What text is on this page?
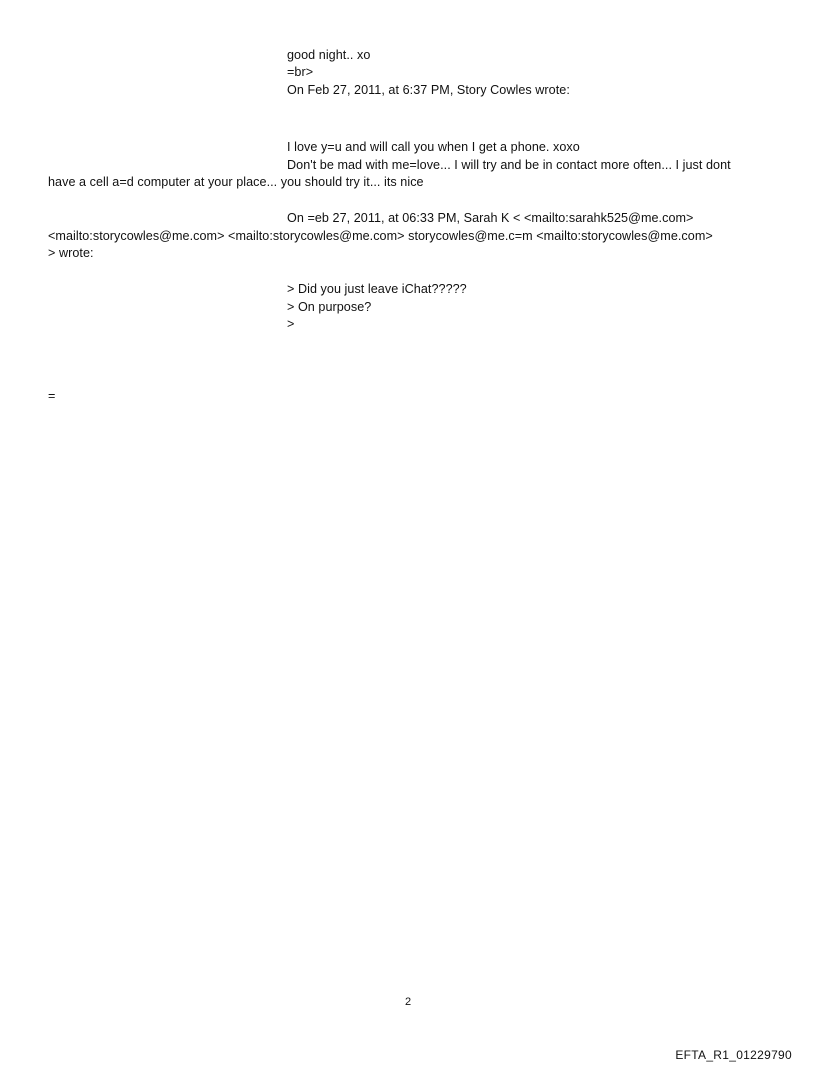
good night.. xo
=br>
On Feb 27, 2011, at 6:37 PM, Story Cowles wrote:
I love y=u and will call you when I get a phone. xoxo
Don't be mad with me=love... I will try and be in contact more often... I just dont
have a cell a=d computer at your place... you should try it... its nice
On =eb 27, 2011, at 06:33 PM, Sarah K < <mailto:sarahk525@me.com>
<mailto:storycowles@me.com> <mailto:storycowles@me.com> storycowles@me.c=m <mailto:storycowles@me.com>
> wrote:
> Did you just leave iChat?????
> On purpose?
>
=
2
EFTA_R1_01229790
